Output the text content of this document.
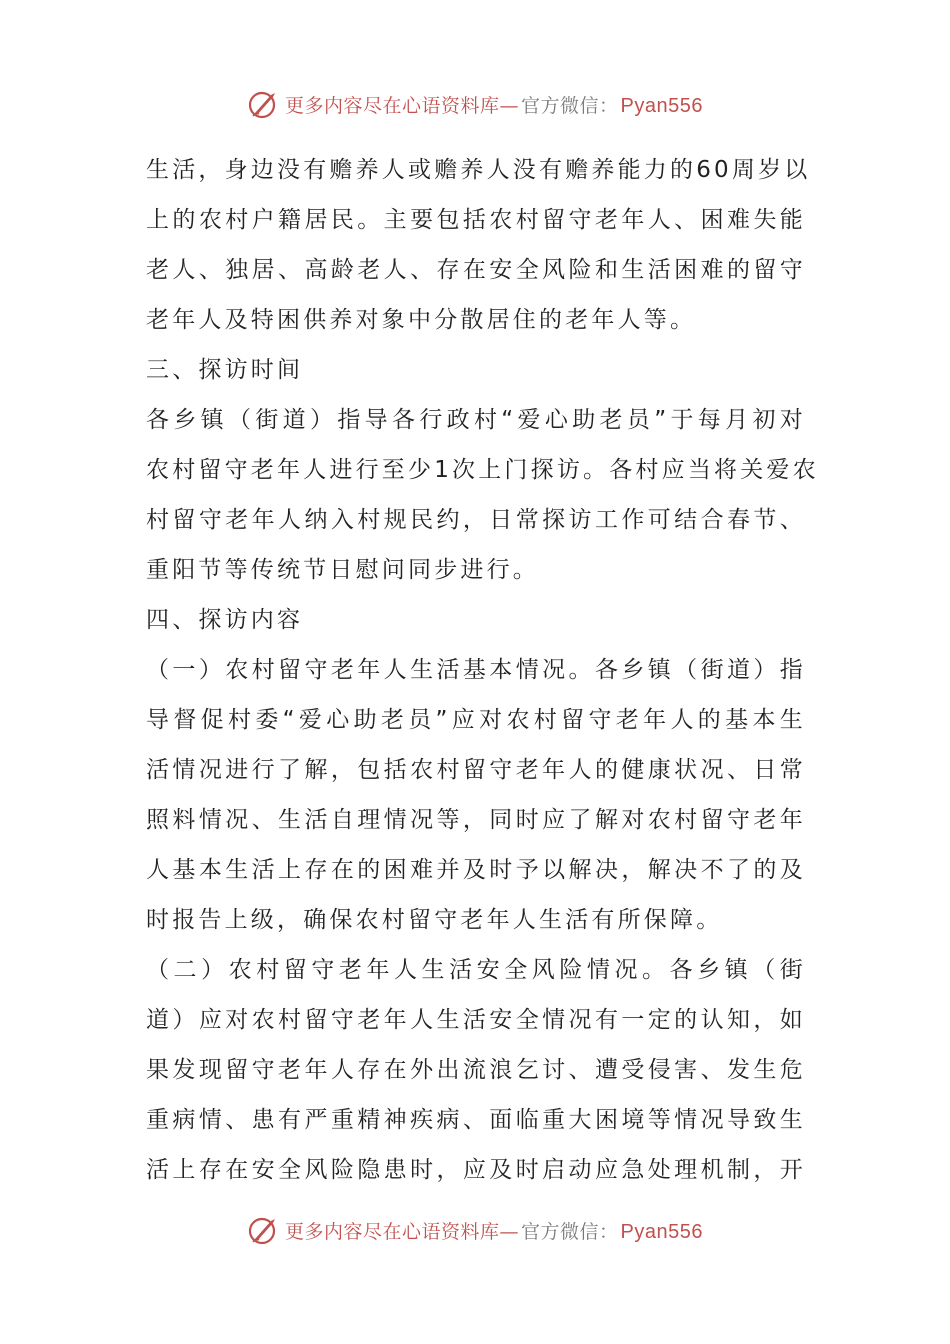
更多内容尽在心语资料库— 官方微信： Pyan556
生活，身边没有赡养人或赡养人没有赡养能力的60周岁以
上的农村户籍居民。主要包括农村留守老年人、困难失能
老人、独居、高龄老人、存在安全风险和生活困难的留守
老年人及特困供养对象中分散居住的老年人等。
三、探访时间
各乡镇（街道）指导各行政村“爱心助老员”于每月初对
农村留守老年人进行至少1次上门探访。各村应当将关爱农
村留守老年人纳入村规民约，日常探访工作可结合春节、
重阳节等传统节日慰问同步进行。
四、探访内容
（一）农村留守老年人生活基本情况。各乡镇（街道）指
导督促村委“爱心助老员”应对农村留守老年人的基本生
活情况进行了解，包括农村留守老年人的健康状况、日常
照料情况、生活自理情况等，同时应了解对农村留守老年
人基本生活上存在的困难并及时予以解决，解决不了的及
时报告上级，确保农村留守老年人生活有所保障。
（二）农村留守老年人生活安全风险情况。各乡镇（街
道）应对农村留守老年人生活安全情况有一定的认知，如
果发现留守老年人存在外出流浪乞讨、遭受侵害、发生危
重病情、患有严重精神疾病、面临重大困境等情况导致生
活上存在安全风险隐患时，应及时启动应急处理机制，开
更多内容尽在心语资料库— 官方微信： Pyan556
